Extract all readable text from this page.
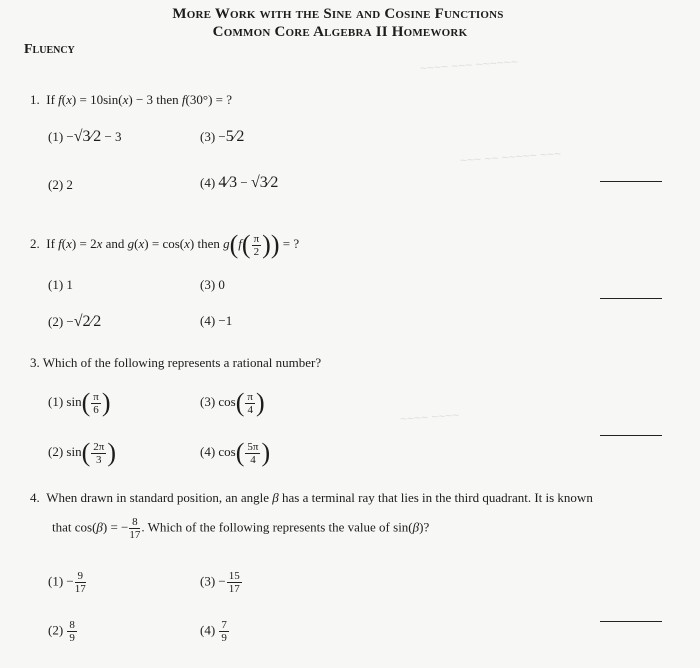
More Work with the Sine and Cosine Functions
Common Core Algebra II Homework
Fluency
~~~~ ~~~ ~~~~~~
~~~ ~~ ~~~~~ ~~~
~~~~ ~~~~
1.  If f(x) = 10sin(x) − 3 then f(30°) = ?
(1) −√3⁄2 − 3	(3) −5⁄2
(2) 2	(4) 4⁄3 − √3⁄2
2.  If f(x) = 2x and g(x) = cos(x) then $g(f( \frac{\pi}{2}$ )) = ?
(1) 1	(3) 0
(2) −√2⁄2	(4) −1
3. Which of the following represents a rational number?
(1) $\sin( \frac{\pi}{6}$ )	(3) $\cos( \frac{\pi}{4}$ )
(2) $\sin( \frac{2\pi}{3}$ )	(4) $\cos( \frac{5\pi}{4}$ )
4.  When drawn in standard position, an angle β has a terminal ray that lies in the third quadrant. It is known
that cos(β) = − $\frac{8}{17}$ . Which of the following represents the value of sin(β)?
$(1) - \frac{9}{17}$	$(3) - \frac{15}{17}$
$(2) \frac{8}{9}$	$(4) \frac{7}{9}$
